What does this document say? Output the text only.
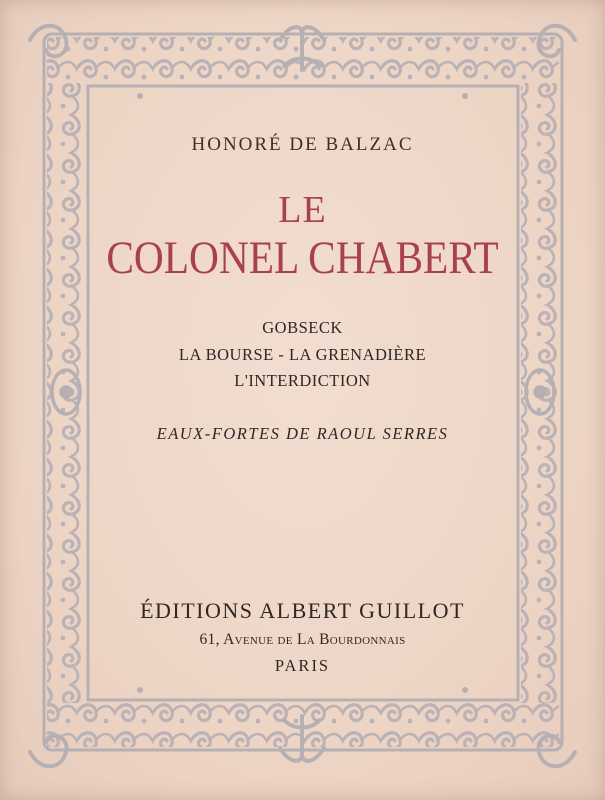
HONORÉ DE BALZAC
LE
COLONEL CHABERT
GOBSECK
LA BOURSE - LA GRENADIÈRE
L'INTERDICTION
EAUX-FORTES DE RAOUL SERRES
ÉDITIONS ALBERT GUILLOT
61, Avenue de La Bourdonnais
PARIS
